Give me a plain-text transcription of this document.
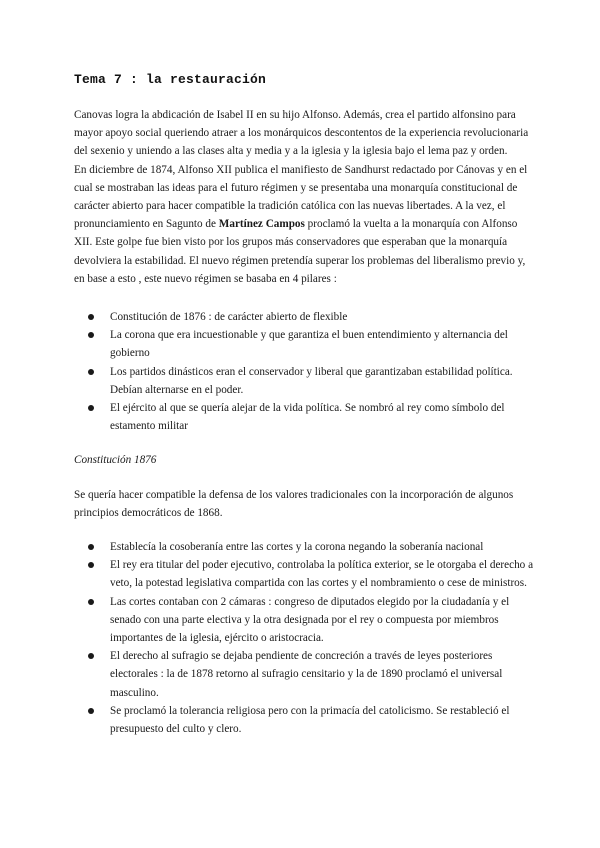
Tema 7 : la restauración

Canovas logra la abdicación de Isabel II en su hijo Alfonso. Además, crea el partido alfonsino para mayor apoyo social queriendo atraer a los monárquicos descontentos de la experiencia revolucionaria del sexenio y uniendo a las clases alta y media y a la iglesia y la iglesia bajo el lema paz y orden.

En diciembre de 1874, Alfonso XII publica el manifiesto de Sandhurst redactado por Cánovas y en el cual se mostraban las ideas para el futuro régimen y se presentaba una monarquía constitucional de carácter abierto para hacer compatible la tradición católica con las nuevas libertades. A la vez, el pronunciamiento en Sagunto de Martínez Campos proclamó la vuelta a la monarquía con Alfonso XII. Este golpe fue bien visto por los grupos más conservadores que esperaban que la monarquía devolviera la estabilidad. El nuevo régimen pretendía superar los problemas del liberalismo previo y, en base a esto , este nuevo régimen se basaba en 4 pilares :

Constitución de 1876 : de carácter abierto de flexible
La corona que era incuestionable y que garantiza el buen entendimiento y alternancia del gobierno
Los partidos dinásticos eran el conservador y liberal que garantizaban estabilidad política. Debían alternarse en el poder.
El ejército al que se quería alejar de la vida política. Se nombró al rey como símbolo del estamento militar

Constitución 1876

Se quería hacer compatible la defensa de los valores tradicionales con la incorporación de algunos principios democráticos de 1868.

Establecía la cosoberanía entre las cortes y la corona negando la soberanía nacional
El rey era titular del poder ejecutivo, controlaba la política exterior, se le otorgaba el derecho a veto, la potestad legislativa compartida con las cortes y el nombramiento o cese de ministros.
Las cortes contaban con 2 cámaras : congreso de diputados elegido por la ciudadanía y el senado con una parte electiva y la otra designada por el rey o compuesta por miembros importantes de la iglesia, ejército o aristocracia.
El derecho al sufragio se dejaba pendiente de concreción a través de leyes posteriores electorales : la de 1878 retorno al sufragio censitario y la de 1890 proclamó el universal masculino.
Se proclamó la tolerancia religiosa pero con la primacía del catolicismo. Se restableció el presupuesto del culto y clero.
